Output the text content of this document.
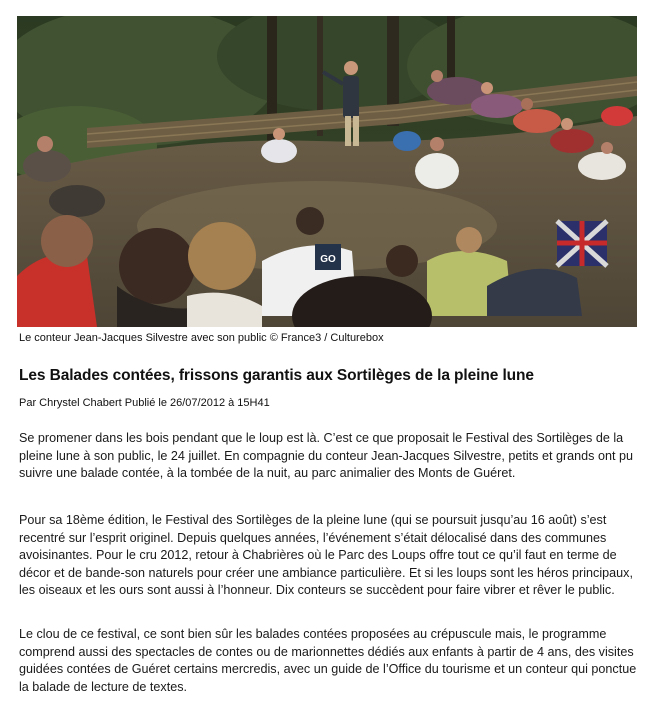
GO
Le conteur Jean-Jacques Silvestre avec son public © France3 / Culturebox
Les Balades contées, frissons garantis aux Sortilèges de la pleine lune
Par Chrystel Chabert Publié le 26/07/2012 à 15H41

Se promener dans les bois pendant que le loup est là. C’est ce que proposait le Festival des Sortilèges de la pleine lune à son public, le 24 juillet. En compagnie du conteur Jean-Jacques Silvestre, petits et grands ont pu suivre une balade contée, à la tombée de la nuit, au parc animalier des Monts de Guéret.

Pour sa 18ème édition, le Festival des Sortilèges de la pleine lune (qui se poursuit jusqu’au 16 août) s’est recentré sur l’esprit originel. Depuis quelques années, l’événement s’était délocalisé dans des communes avoisinantes. Pour le cru 2012, retour à Chabrières où le Parc des Loups offre tout ce qu’il faut en terme de décor et de bande-son naturels pour créer une ambiance particulière. Et si les loups sont les héros principaux, les oiseaux et les ours sont aussi à l’honneur. Dix conteurs se succèdent pour faire vibrer et rêver le public.

Le clou de ce festival, ce sont bien sûr les balades contées proposées au crépuscule mais, le programme comprend aussi des spectacles de contes ou de marionnettes dédiés aux enfants à partir de 4 ans, des visites guidées contées de Guéret certains mercredis, avec un guide de l’Office du tourisme et un conteur qui ponctue la balade de lecture de textes.
